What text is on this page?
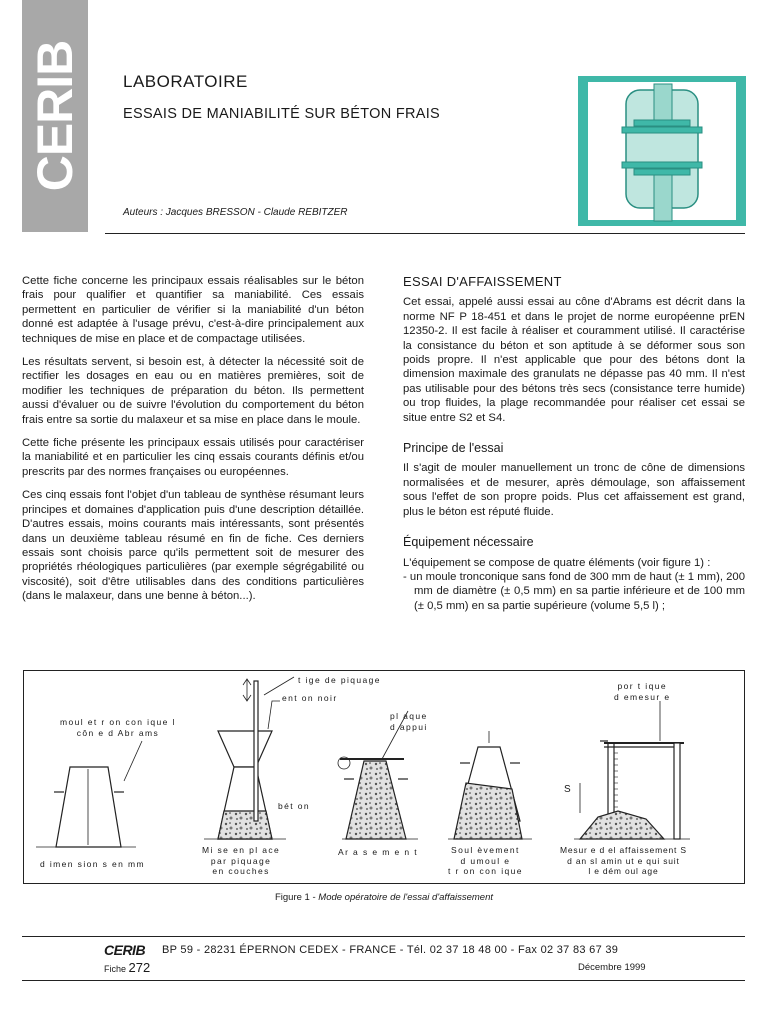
CERIB LABORATOIRE
ESSAIS DE MANIABILITÉ SUR BÉTON FRAIS
Auteurs : Jacques BRESSON - Claude REBITZER

Cette fiche concerne les principaux essais réalisables sur le béton frais pour qualifier et quantifier sa maniabilité. Ces essais permettent en particulier de vérifier si la maniabilité d'un béton donné est adaptée à l'usage prévu, c'est-à-dire principalement aux techniques de mise en place et de compactage utilisées.

Les résultats servent, si besoin est, à détecter la nécessité soit de rectifier les dosages en eau ou en matières premières, soit de modifier les techniques de préparation du béton. Ils permettent aussi d'évaluer ou de suivre l'évolution du comportement du béton frais entre sa sortie du malaxeur et sa mise en place dans le moule.

Cette fiche présente les principaux essais utilisés pour caractériser la maniabilité et en particulier les cinq essais courants définis et/ou prescrits par des normes françaises ou européennes.

Ces cinq essais font l'objet d'un tableau de synthèse résumant leurs principes et domaines d'application puis d'une description détaillée. D'autres essais, moins courants mais intéressants, sont présentés dans un deuxième tableau résumé en fin de fiche. Ces derniers essais sont choisis parce qu'ils permettent soit de mesurer des propriétés rhéologiques particulières (par exemple ségrégabilité ou viscosité), soit d'être utilisables dans des conditions particulières (dans le malaxeur, dans une benne à béton...).

ESSAI D'AFFAISSEMENT

Cet essai, appelé aussi essai au cône d'Abrams est décrit dans la norme NF P 18-451 et dans le projet de norme européenne prEN 12350-2. Il est facile à réaliser et couramment utilisé. Il caractérise la consistance du béton et son aptitude à se déformer sous son poids propre. Il n'est applicable que pour des bétons dont la dimension maximale des granulats ne dépasse pas 40 mm. Il n'est pas utilisable pour des bétons très secs (consistance terre humide) ou trop fluides, la plage recommandée pour réaliser cet essai se situe entre S2 et S4.

Principe de l'essai

Il s'agit de mouler manuellement un tronc de cône de dimensions normalisées et de mesurer, après démoulage, son affaissement sous l'effet de son propre poids. Plus cet affaissement est grand, plus le béton est réputé fluide.

Équipement nécessaire

L'équipement se compose de quatre éléments (voir figure 1) :

- un moule tronconique sans fond de 300 mm de haut (± 1 mm), 200 mm de diamètre (± 0,5 mm) en sa partie inférieure et de 100 mm (± 0,5 mm) en sa partie supérieure (volume 5,5 l) ;

t ige de piquage
ent on noir
moul et r on con ique l
côn e d Abr ams
pl aque
d appui
por t ique
d emesur e
bét on
S
d imen sion s en mm
Mi se en pl ace
par piquage
en couches
Ar a s e m e n t	Soul èvement
d umoul e
t r on con ique
Mesur e d el affaissement S
d an sl amin ut e qui suit
l e dém oul age
Figure 1 - Mode opératoire de l'essai d'affaissement
CERIB BP 59 - 28231 ÉPERNON CEDEX - FRANCE - Tél. 02 37 18 48 00 - Fax 02 37 83 67 39
Fiche 272	Décembre 1999
